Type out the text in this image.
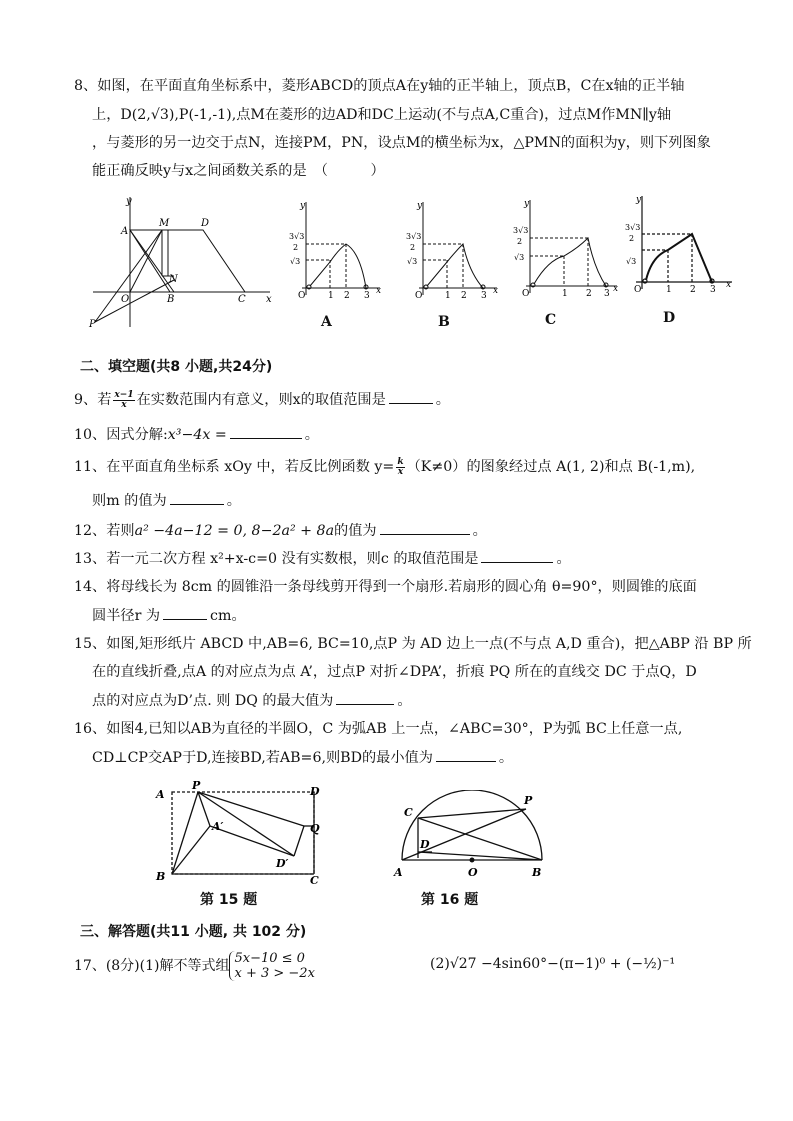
8、如图，在平面直角坐标系中，菱形ABCD的顶点A在y轴的正半轴上，顶点B，C在x轴的正半轴
上，D(2,√3),P(-1,-1),点M在菱形的边AD和DC上运动(不与点A,C重合)，过点M作MN∥y轴
，与菱形的另一边交于点N，连接PM，PN，设点M的横坐标为x，△PMN的面积为y，则下列图象
能正确反映y与x之间函数关系的是　（　　　）
y
A
M	D
N
O	B	C x
P
y
3√3
2
√3
O	1 2 3 x
A
y
3√3
2
√3
O	1 2 3 x
B
y
3√3
2
√3
O	1 2 3 x
C
y
3√3
2
√3
O	1 2 3 x
D
二、填空题(共8 小题,共24分)
9、若 $\frac{x-1}{x}$ 在实数范围内有意义，则x的取值范围是	。
10、因式分解:x³−4x =	。
11、在平面直角坐标系 xOy 中，若反比例函数 $y= \frac{k}{x} (K\ne 0)$的图象经过点 A(1, 2)和点 B(-1,m),
则m 的值为	。
12、若则a² −4a−12 = 0, 8−2a² + 8a的值为	。
13、若一元二次方程 x²+x-c=0 没有实数根，则c 的取值范围是	。
14、将母线长为 8cm 的圆锥沿一条母线剪开得到一个扇形.若扇形的圆心角 θ=90°，则圆锥的底面
圆半径r 为	cm。
15、如图,矩形纸片 ABCD 中,AB=6, BC=10,点P 为 AD 边上一点(不与点 A,D 重合)，把△ABP 沿 BP 所
在的直线折叠,点A 的对应点为点 A’，过点P 对折∠DPA’，折痕 PQ 所在的直线交 DC 于点Q，D
点的对应点为D’点. 则 DQ 的最大值为	。
16、如图4,已知以AB为直径的半圆O，C 为弧AB 上一点，∠ABC=30°，P为弧 BC上任意一点,
CD⊥CP交AP于D,连接BD,若AB=6,则BD的最小值为	。
A
P	D
A′	Q
D′
B	C
第 15 题
C
P
D
A	O	B
第 16 题
三、解答题(共11 小题, 共 102 分)
17、(8分)(1)解不等式组 5x−10 ≤ 0
x + 3 > −2x
(2)√27 −4sin60°−(π−1)⁰ + (−½)⁻¹
